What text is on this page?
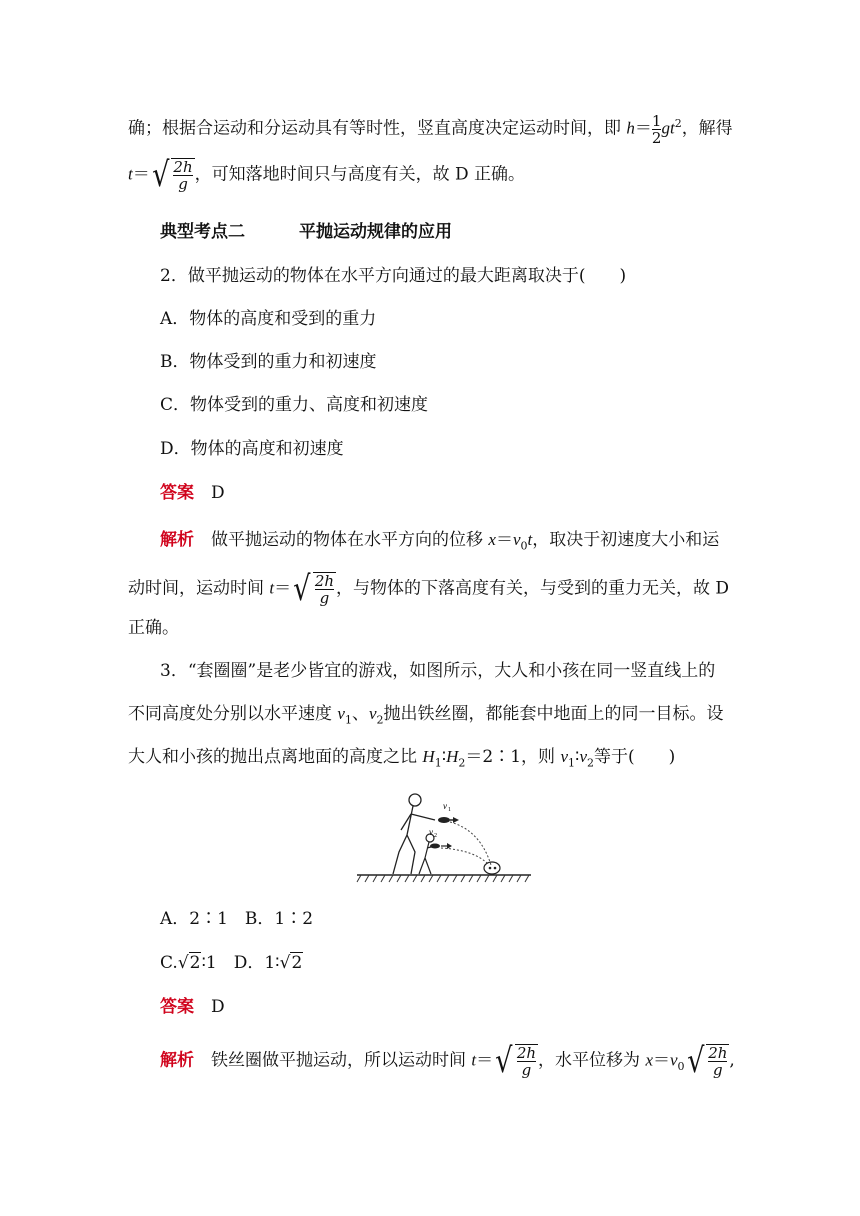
确；根据合运动和分运动具有等时性，竖直高度决定运动时间，即 $h= \frac{1}{2} gt^2$，解得
t＝ √ $\frac{2h}{g}$ ，可知落地时间只与高度有关，故 D 正确。
典型考点二	平抛运动规律的应用
2．做平抛运动的物体在水平方向通过的最大距离取决于(　　)
A．物体的高度和受到的重力
B．物体受到的重力和初速度
C．物体受到的重力、高度和初速度
D．物体的高度和初速度
答案　 D
解析　 做平抛运动的物体在水平方向的位移 $x=v_0t$，取决于初速度大小和运
动时间，运动时间 t＝ √ $\frac{2h}{g}$ ，与物体的下落高度有关，与受到的重力无关，故 D
正确。
3．“套圈圈”是老少皆宜的游戏，如图所示，大人和小孩在同一竖直线上的
不同高度处分别以水平速度 $v_1$、$v_2$抛出铁丝圈，都能套中地面上的同一目标。设
大人和小孩的抛出点离地面的高度之比 $H_1∶H_2=2∶1$，则 $v_1∶v_2$等于(　　)
v 1
v 2
A．2∶1　B．1∶2
C.√2∶1　D．1∶√2
答案　 D
解析　 铁丝圈做平抛运动，所以运动时间 t＝ √ $\frac{2h}{g}$ ，水平位移为 $x=v_0$ √ $\frac{2h}{g}$ ,
